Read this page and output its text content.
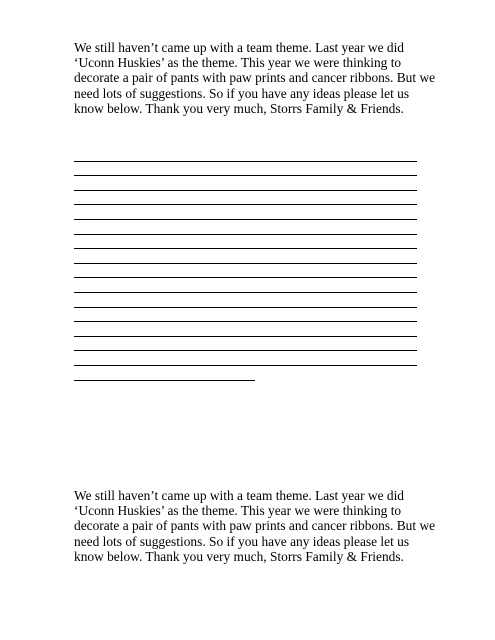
We still haven’t came up with a team theme. Last year we did
‘Uconn Huskies’ as the theme. This year we were thinking to
decorate a pair of pants with paw prints and cancer ribbons. But we
need lots of suggestions. So if you have any ideas please let us
know below. Thank you very much, Storrs Family & Friends.

We still haven’t came up with a team theme. Last year we did
‘Uconn Huskies’ as the theme. This year we were thinking to
decorate a pair of pants with paw prints and cancer ribbons. But we
need lots of suggestions. So if you have any ideas please let us
know below. Thank you very much, Storrs Family & Friends.
